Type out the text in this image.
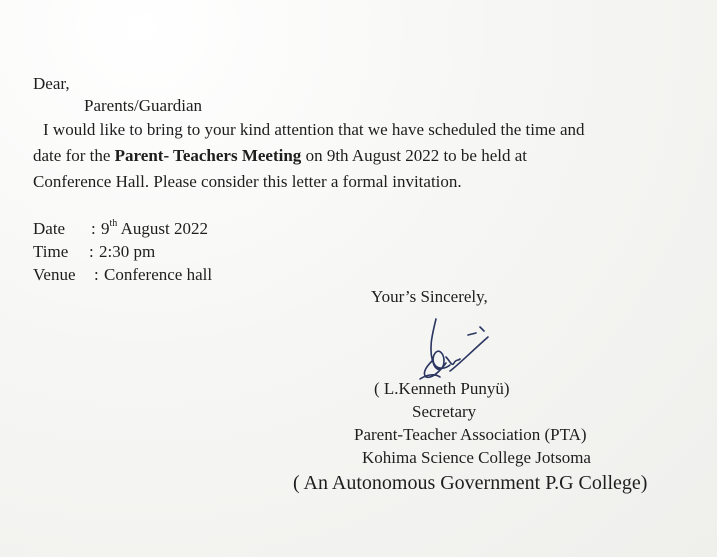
Dear,
Parents/Guardian
I would like to bring to your kind attention that we have scheduled the time and
date for the Parent- Teachers Meeting on 9th August 2022 to be held at
Conference Hall. Please consider this letter a formal invitation.
Date : 9th August 2022
Time : 2:30 pm
Venue : Conference hall
Your’s Sincerely,
( L.Kenneth Punyü)
Secretary
Parent-Teacher Association (PTA)
Kohima Science College Jotsoma
( An Autonomous Government P.G College)
